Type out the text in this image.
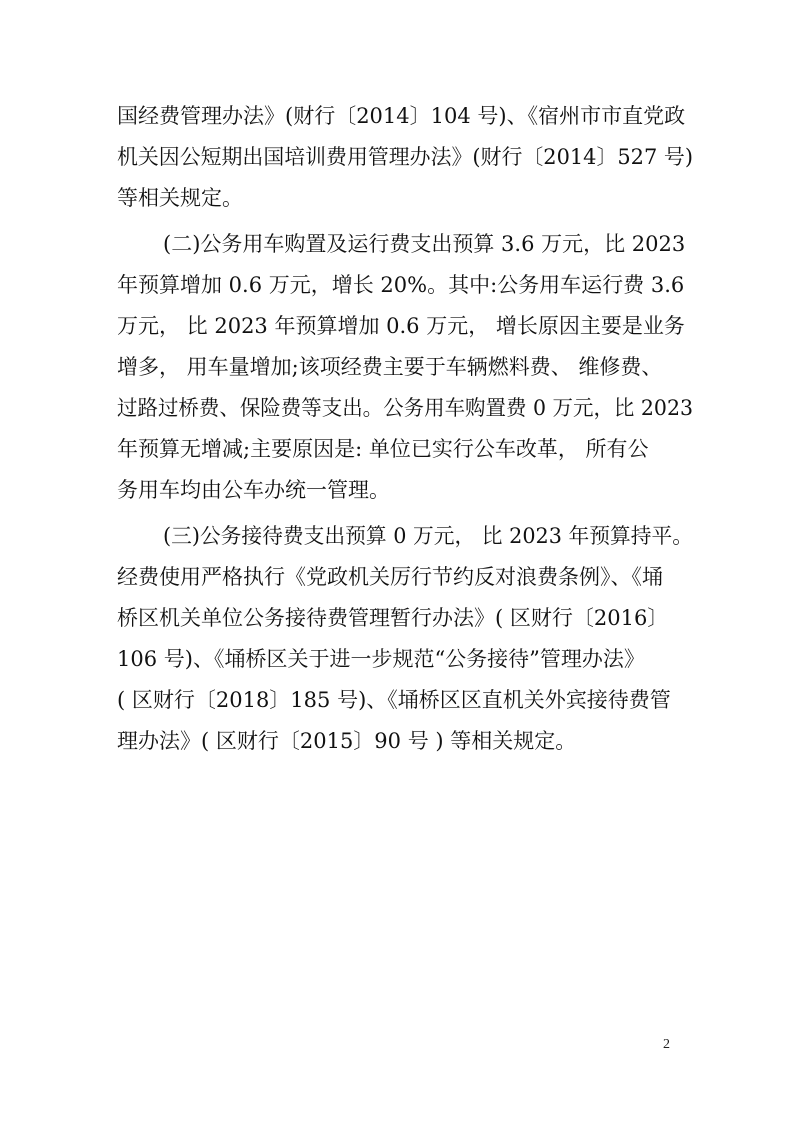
国经费管理办法》(财行〔2014〕104 号)、《宿州市市直党政
机关因公短期出国培训费用管理办法》(财行〔2014〕527 号)
等相关规定。
(二)公务用车购置及运行费支出预算 3.6 万元，比 2023
年预算增加 0.6 万元，增长 20%。其中:公务用车运行费 3.6
万元， 比 2023 年预算增加 0.6 万元， 增长原因主要是业务
增多， 用车量增加;该项经费主要于车辆燃料费、 维修费、
过路过桥费、保险费等支出。公务用车购置费 0 万元，比 2023
年预算无增减;主要原因是: 单位已实行公车改革， 所有公
务用车均由公车办统一管理。
(三)公务接待费支出预算 0 万元， 比 2023 年预算持平。
经费使用严格执行《党政机关厉行节约反对浪费条例》、《埇
桥区机关单位公务接待费管理暂行办法》( 区财行〔2016〕
106 号)、《埇桥区关于进一步规范“公务接待”管理办法》
( 区财行〔2018〕185 号)、《埇桥区区直机关外宾接待费管
理办法》( 区财行〔2015〕90 号 ) 等相关规定。
2
